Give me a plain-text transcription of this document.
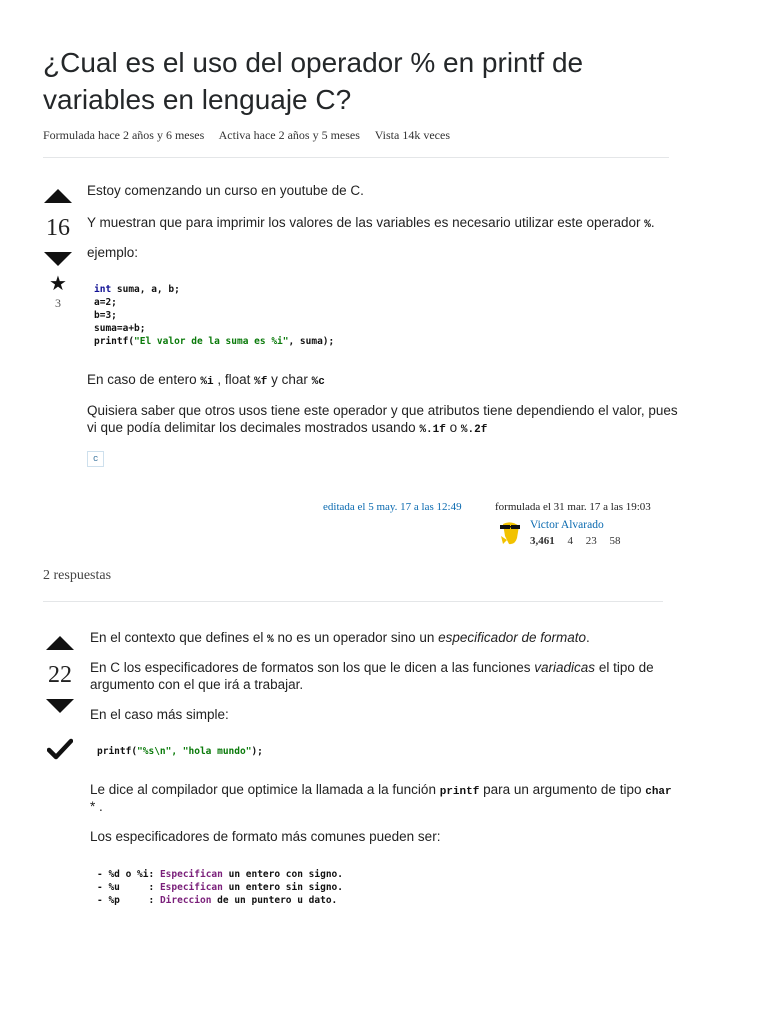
¿Cual es el uso del operador % en printf de variables en lenguaje C?
Formulada hace 2 años y 6 meses Activa hace 2 años y 5 meses Vista 14k veces
16
★
3

Estoy comenzando un curso en youtube de C.

Y muestran que para imprimir los valores de las variables es necesario utilizar este operador %.

ejemplo:

int suma, a, b;
a=2;
b=3;
suma=a+b;
printf("El valor de la suma es %i", suma);

En caso de entero %i , float %f y char %c

Quisiera saber que otros usos tiene este operador y que atributos tiene dependiendo el valor, pues

vi que podía delimitar los decimales mostrados usando %.1f o %.2f

c
editada el 5 may. 17 a las 12:49	formulada el 31 mar. 17 a las 19:03
Victor Alvarado
3,461 4 23 58
2 respuestas
22

En el contexto que defines el % no es un operador sino un especificador de formato.

En C los especificadores de formatos son los que le dicen a las funciones variadicas el tipo de

argumento con el que irá a trabajar.

En el caso más simple:

printf("%s\n", "hola mundo");

Le dice al compilador que optimice la llamada a la función printf para un argumento de tipo char

* .

Los especificadores de formato más comunes pueden ser:

- %d o %i: Especifican un entero con signo.
- %u     : Especifican un entero sin signo.
- %p     : Direccion de un puntero u dato.
